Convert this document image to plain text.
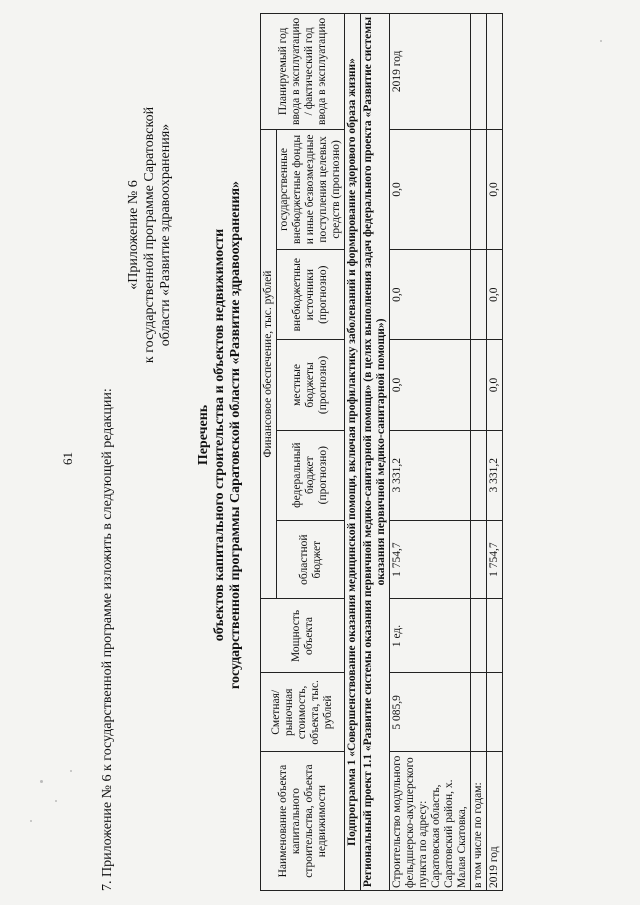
61 7. Приложение № 6 к государственной программе изложить в следующей редакции:
«Приложение № 6 к государственной программе Саратовской области «Развитие здравоохранения»
Перечень объектов капитального строительства и объектов недвижимости государственной программы Саратовской области «Развитие здравоохранения»
Наименование объекта капитального строительства, объекта недвижимости	Сметная/ рыночная стоимость, объекта, тыс. рублей	Мощность объекта	Финансовое обеспечение, тыс. рублей					Планируемый год ввода в эксплуатацию / фактический год ввода в эксплуатацию
			областной бюджет	федеральный бюджет (прогнозно)	местные бюджеты (прогнозно)	внебюджетные источники (прогнозно)	государственные внебюджетные фонды и иные безвозмездные поступления целевых средств (прогнозно)	
Подпрограмма 1 «Совершенствование оказания медицинской помощи, включая профилактику заболеваний и формирование здорового образа жизни»								
Региональный проект 1.1 «Развитие системы оказания первичной медико-санитарной помощи» (в целях выполнения задач федерального проекта «Развитие системы оказания первичной медико-санитарной помощи»)								
Строительство модульного фельдшерско-акушерского пункта по адресу: Саратовская область, Саратовский район, х. Малая Скатовка,	5 085,9	1 ед.	1 754,7	3 331,2	0,0	0,0	0,0	2019 год
в том числе по годам:								
2019 год			1 754,7	3 331,2	0,0	0,0	0,0	
